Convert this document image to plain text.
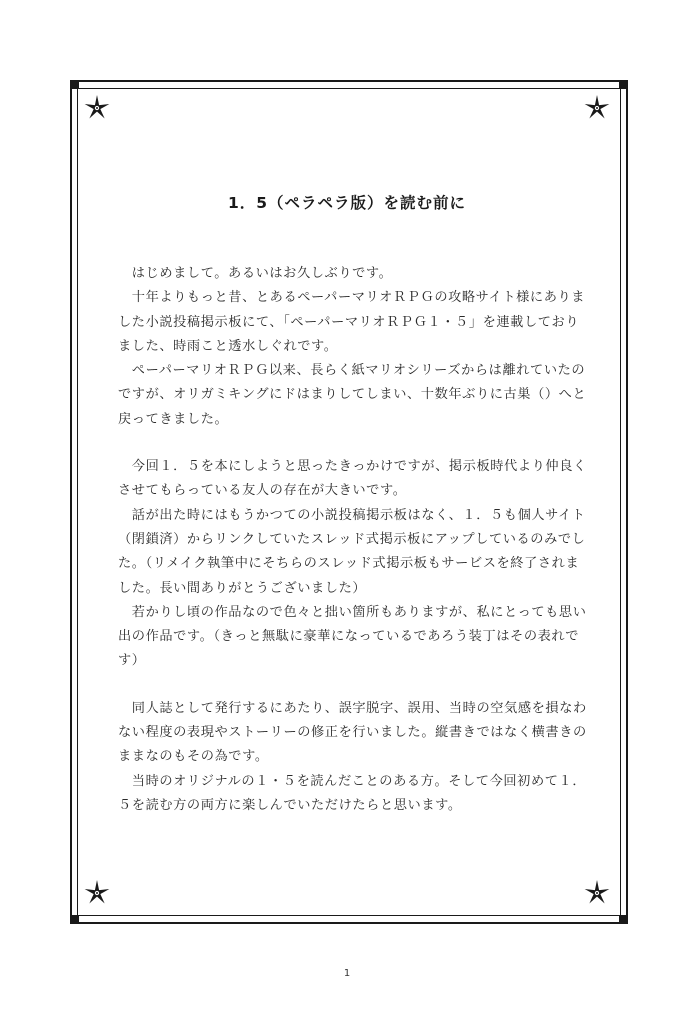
1．5（ペラペラ版）を読む前に
　はじめまして。あるいはお久しぶりです。
　十年よりもっと昔、とあるペーパーマリオＲＰＧの攻略サイト様にありま
した小説投稿掲示板にて、「ペーパーマリオＲＰＧ１・５」を連載しており
ました、時雨こと透水しぐれです。
　ペーパーマリオＲＰＧ以来、長らく紙マリオシリーズからは離れていたの
ですが、オリガミキングにドはまりしてしまい、十数年ぶりに古巣（）へと
戻ってきました。
　今回１．５を本にしようと思ったきっかけですが、掲示板時代より仲良く
させてもらっている友人の存在が大きいです。
　話が出た時にはもうかつての小説投稿掲示板はなく、１．５も個人サイト
（閉鎖済）からリンクしていたスレッド式掲示板にアップしているのみでし
た。（リメイク執筆中にそちらのスレッド式掲示板もサービスを終了されま
した。長い間ありがとうございました）
　若かりし頃の作品なので色々と拙い箇所もありますが、私にとっても思い
出の作品です。（きっと無駄に豪華になっているであろう装丁はその表れで
す）
　同人誌として発行するにあたり、誤字脱字、誤用、当時の空気感を損なわ
ない程度の表現やストーリーの修正を行いました。縦書きではなく横書きの
ままなのもその為です。
　当時のオリジナルの１・５を読んだことのある方。そして今回初めて１．
５を読む方の両方に楽しんでいただけたらと思います。
1
